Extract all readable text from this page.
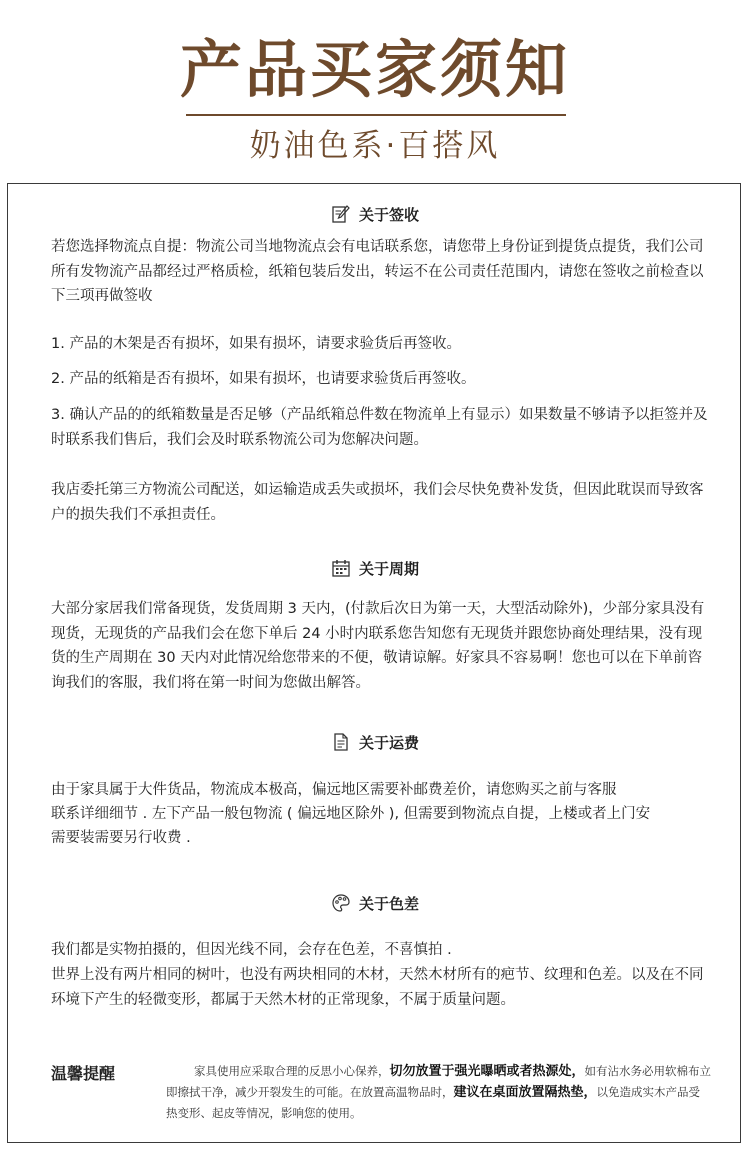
产品买家须知
奶油色系·百搭风
关于签收
若您选择物流点自提：物流公司当地物流点会有电话联系您，请您带上身份证到提货点提货，我们公司所有发物流产品都经过严格质检，纸箱包装后发出，转运不在公司责任范围内，请您在签收之前检查以下三项再做签收
1. 产品的木架是否有损坏，如果有损坏，请要求验货后再签收。
2. 产品的纸箱是否有损坏，如果有损坏，也请要求验货后再签收。
3. 确认产品的的纸箱数量是否足够（产品纸箱总件数在物流单上有显示）如果数量不够请予以拒签并及时联系我们售后，我们会及时联系物流公司为您解决问题。
我店委托第三方物流公司配送，如运输造成丢失或损坏，我们会尽快免费补发货，但因此耽误而导致客户的损失我们不承担责任。
关于周期
大部分家居我们常备现货，发货周期 3 天内，(付款后次日为第一天，大型活动除外)，少部分家具没有现货，无现货的产品我们会在您下单后 24 小时内联系您告知您有无现货并跟您协商处理结果，没有现货的生产周期在 30 天内对此情况给您带来的不便，敬请谅解。好家具不容易啊！您也可以在下单前咨询我们的客服，我们将在第一时间为您做出解答。
关于运费
由于家具属于大件货品，物流成本极高，偏远地区需要补邮费差价，请您购买之前与客服
联系详细细节 . 左下产品一般包物流 ( 偏远地区除外 ), 但需要到物流点自提，上楼或者上门安
需要装需要另行收费 .
关于色差
我们都是实物拍摄的，但因光线不同，会存在色差，不喜慎拍 .
世界上没有两片相同的树叶，也没有两块相同的木材，天然木材所有的疤节、纹理和色差。以及在不同环境下产生的轻微变形，都属于天然木材的正常现象，不属于质量问题。
温馨提醒	家具使用应采取合理的反思小心保养，切勿放置于强光曝晒或者热源处，如有沾水务必用软棉布立即擦拭干净，减少开裂发生的可能。在放置高温物品时，建议在桌面放置隔热垫，以免造成实木产品受热变形、起皮等情况，影响您的使用。
